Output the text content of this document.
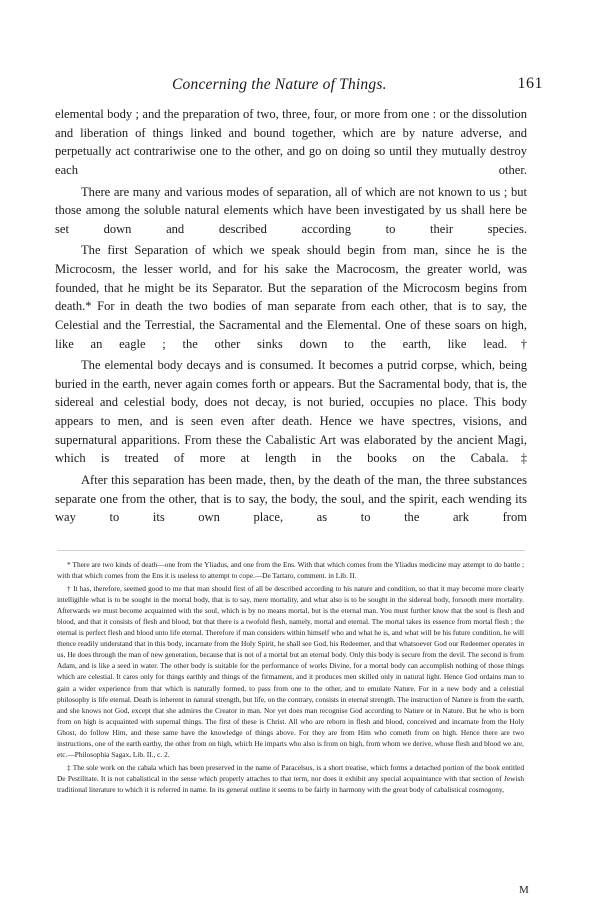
Concerning the Nature of Things.	161

elemental body ; and the preparation of two, three, four, or more from one : or the dissolution and liberation of things linked and bound together, which are by nature adverse, and perpetually act contrariwise one to the other, and go on doing so until they mutually destroy each other.

There are many and various modes of separation, all of which are not known to us ; but those among the soluble natural elements which have been investigated by us shall here be set down and described according to their species.

The first Separation of which we speak should begin from man, since he is the Microcosm, the lesser world, and for his sake the Macrocosm, the greater world, was founded, that he might be its Separator. But the separation of the Microcosm begins from death.* For in death the two bodies of man separate from each other, that is to say, the Celestial and the Terrestial, the Sacramental and the Elemental. One of these soars on high, like an eagle ; the other sinks down to the earth, like lead.†

The elemental body decays and is consumed. It becomes a putrid corpse, which, being buried in the earth, never again comes forth or appears. But the Sacramental body, that is, the sidereal and celestial body, does not decay, is not buried, occupies no place. This body appears to men, and is seen even after death. Hence we have spectres, visions, and supernatural apparitions. From these the Cabalistic Art was elaborated by the ancient Magi, which is treated of more at length in the books on the Cabala.‡

After this separation has been made, then, by the death of the man, the three substances separate one from the other, that is to say, the body, the soul, and the spirit, each wending its way to its own place, as to the ark from

* There are two kinds of death—one from the Yliadus, and one from the Ens. With that which comes from the Yliadus medicine may attempt to do battle ; with that which comes from the Ens it is useless to attempt to cope.—De Tartaro, comment. in Lib. II.

† It has, therefore, seemed good to me that man should first of all be described according to his nature and condition, so that it may become more clearly intelligible what is to be sought in the mortal body, that is to say, mere mortality, and what also is to be sought in the sidereal body, forsooth mere mortality. Afterwards we must become acquainted with the soul, which is by no means mortal, but is the eternal man. You must further know that the soul is flesh and blood, and that it consists of flesh and blood, but that there is a twofold flesh, namely, mortal and eternal. The mortal takes its essence from mortal flesh ; the eternal is perfect flesh and blood unto life eternal. Therefore if man considers within himself who and what he is, and what will be his future condition, he will thence readily understand that in this body, incarnate from the Holy Spirit, he shall see God, his Redeemer, and that whatsoever God our Redeemer operates in us, He does through the man of new generation, because that is not of a mortal but an eternal body. Only this body is secure from the devil. The second is from Adam, and is like a seed in water. The other body is suitable for the performance of works Divine, for a mortal body can accomplish nothing of those things which are celestial. It cares only for things earthly and things of the firmament, and it produces men skilled only in natural light. Hence God ordains man to gain a wider experience from that which is naturally formed, to pass from one to the other, and to emulate Nature. For in a new body and a celestial philosophy is life eternal. Death is inherent in natural strength, but life, on the contrary, consists in eternal strength. The instruction of Nature is from the earth, and she knows not God, except that she admires the Creator in man. Nor yet does man recognise God according to Nature or in Nature. But he who is born from on high is acquainted with supernal things. The first of these is Christ. All who are reborn in flesh and blood, conceived and incarnate from the Holy Ghost, do follow Him, and these same have the knowledge of things above. For they are from Him who cometh from on high. Hence there are two instructions, one of the earth earthy, the other from on high, which He imparts who also is from on high, from whom we derive, whose flesh and blood we are, etc.—Philosophia Sagax, Lib. II., c. 2.

‡ The sole work on the cabala which has been preserved in the name of Paracelsus, is a short treatise, which forms a detached portion of the book entitled De Pestilitate. It is not cabalistical in the sense which properly attaches to that term, nor does it exhibit any special acquaintance with that section of Jewish traditional literature to which it is referred in name. In its general outline it seems to be fairly in harmony with the great body of cabalistical cosmogony,

M
